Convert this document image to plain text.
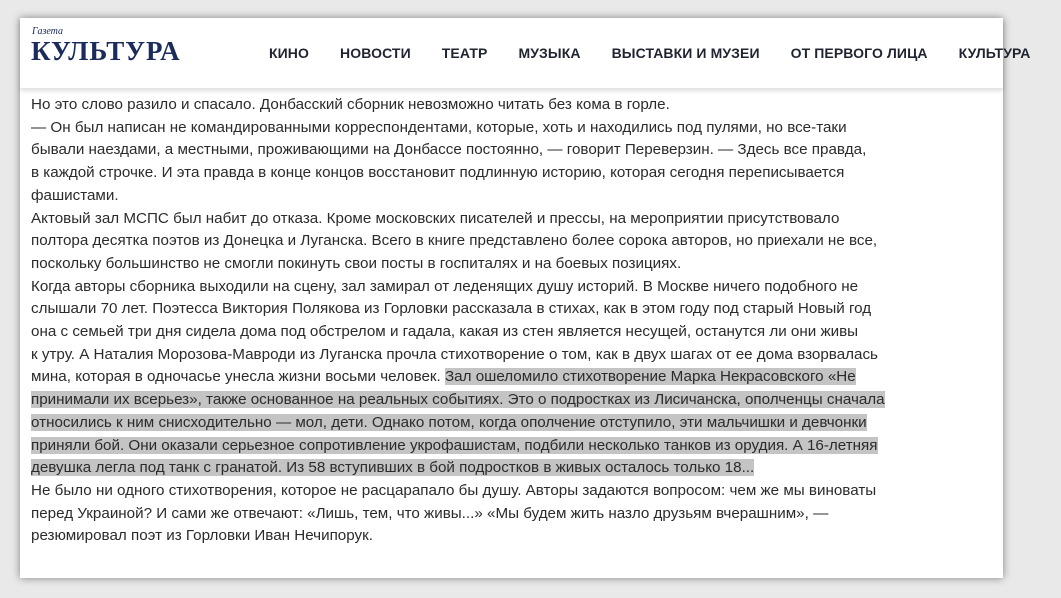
Газета
КУЛЬТУРА	КИНО НОВОСТИ ТЕАТР МУЗЫКА ВЫСТАВКИ И МУЗЕИ ОТ ПЕРВОГО ЛИЦА КУЛЬТУРА

Но это слово разило и спасало. Донбасский сборник невозможно читать без кома в горле.

— Он был написан не командированными корреспондентами, которые, хоть и находились под пулями, но все-таки
бывали наездами, а местными, проживающими на Донбассе постоянно, — говорит Переверзин. — Здесь все правда,
в каждой строчке. И эта правда в конце концов восстановит подлинную историю, которая сегодня переписывается
фашистами.

Актовый зал МСПС был набит до отказа. Кроме московских писателей и прессы, на мероприятии присутствовало
полтора десятка поэтов из Донецка и Луганска. Всего в книге представлено более сорока авторов, но приехали не все,
поскольку большинство не смогли покинуть свои посты в госпиталях и на боевых позициях.

Когда авторы сборника выходили на сцену, зал замирал от леденящих душу историй. В Москве ничего подобного не
слышали 70 лет. Поэтесса Виктория Полякова из Горловки рассказала в стихах, как в этом году под старый Новый год
она с семьей три дня сидела дома под обстрелом и гадала, какая из стен является несущей, останутся ли они живы
к утру. А Наталия Морозова-Мавроди из Луганска прочла стихотворение о том, как в двух шагах от ее дома взорвалась
мина, которая в одночасье унесла жизни восьми человек. Зал ошеломило стихотворение Марка Некрасовского «Не
принимали их всерьез», также основанное на реальных событиях. Это о подростках из Лисичанска, ополченцы сначала
относились к ним снисходительно — мол, дети. Однако потом, когда ополчение отступило, эти мальчишки и девчонки
приняли бой. Они оказали серьезное сопротивление укрофашистам, подбили несколько танков из орудия. А 16-летняя
девушка легла под танк с гранатой. Из 58 вступивших в бой подростков в живых осталось только 18...

Не было ни одного стихотворения, которое не расцарапало бы душу. Авторы задаются вопросом: чем же мы виноваты
перед Украиной? И сами же отвечают: «Лишь, тем, что живы...» «Мы будем жить назло друзьям вчерашним», —
резюмировал поэт из Горловки Иван Нечипорук.
